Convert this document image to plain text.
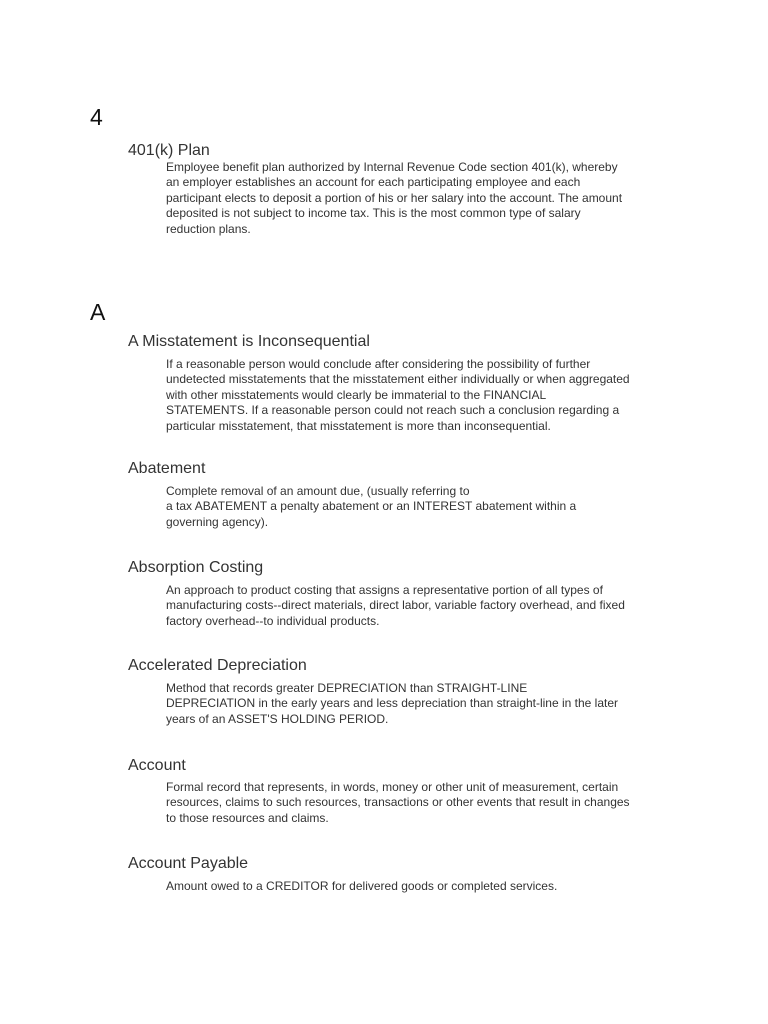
4

401(k) Plan

Employee benefit plan authorized by Internal Revenue Code section 401(k), whereby
an employer establishes an account for each participating employee and each
participant elects to deposit a portion of his or her salary into the account. The amount
deposited is not subject to income tax. This is the most common type of salary
reduction plans.

A

A Misstatement is Inconsequential

If a reasonable person would conclude after considering the possibility of further
undetected misstatements that the misstatement either individually or when aggregated
with other misstatements would clearly be immaterial to the FINANCIAL
STATEMENTS. If a reasonable person could not reach such a conclusion regarding a
particular misstatement, that misstatement is more than inconsequential.

Abatement

Complete removal of an amount due, (usually referring to
a tax ABATEMENT a penalty abatement or an INTEREST abatement within a
governing agency).

Absorption Costing

An approach to product costing that assigns a representative portion of all types of
manufacturing costs--direct materials, direct labor, variable factory overhead, and fixed
factory overhead--to individual products.

Accelerated Depreciation

Method that records greater DEPRECIATION than STRAIGHT-LINE
DEPRECIATION in the early years and less depreciation than straight-line in the later
years of an ASSET'S HOLDING PERIOD.

Account

Formal record that represents, in words, money or other unit of measurement, certain
resources, claims to such resources, transactions or other events that result in changes
to those resources and claims.

Account Payable

Amount owed to a CREDITOR for delivered goods or completed services.
